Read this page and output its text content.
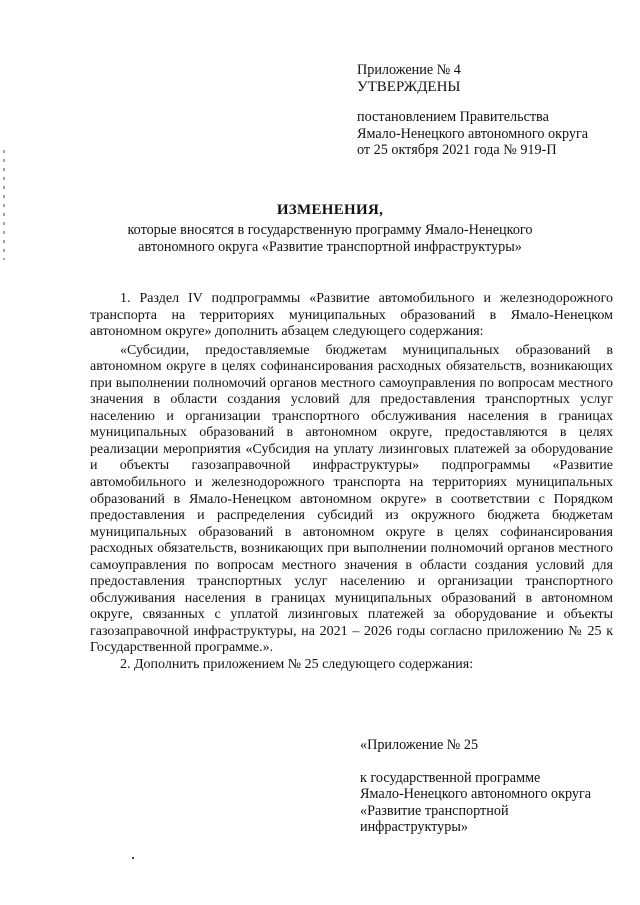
Приложение № 4
УТВЕРЖДЕНЫ
постановлением Правительства
Ямало-Ненецкого автономного округа
от 25 октября 2021 года № 919-П
ИЗМЕНЕНИЯ,
которые вносятся в государственную программу Ямало-Ненецкого
автономного округа «Развитие транспортной инфраструктуры»

1. Раздел IV подпрограммы «Развитие автомобильного и железнодорожного транспорта на территориях муниципальных образований в Ямало-Ненецком автономном округе» дополнить абзацем следующего содержания:

«Субсидии, предоставляемые бюджетам муниципальных образований в автономном округе в целях софинансирования расходных обязательств, возникающих при выполнении полномочий органов местного самоуправления по вопросам местного значения в области создания условий для предоставления транспортных услуг населению и организации транспортного обслуживания населения в границах муниципальных образований в автономном округе, предоставляются в целях реализации мероприятия «Субсидия на уплату лизинговых платежей за оборудование и объекты газозаправочной инфраструктуры» подпрограммы «Развитие автомобильного и железнодорожного транспорта на территориях муниципальных образований в Ямало-Ненецком автономном округе» в соответствии с Порядком предоставления и распределения субсидий из окружного бюджета бюджетам муниципальных образований в автономном округе в целях софинансирования расходных обязательств, возникающих при выполнении полномочий органов местного самоуправления по вопросам местного значения в области создания условий для предоставления транспортных услуг населению и организации транспортного обслуживания населения в границах муниципальных образований в автономном округе, связанных с уплатой лизинговых платежей за оборудование и объекты газозаправочной инфраструктуры, на 2021 – 2026 годы согласно приложению № 25 к Государственной программе.».

2. Дополнить приложением № 25 следующего содержания:

«Приложение № 25
к государственной программе
Ямало-Ненецкого автономного округа
«Развитие транспортной
инфраструктуры»
